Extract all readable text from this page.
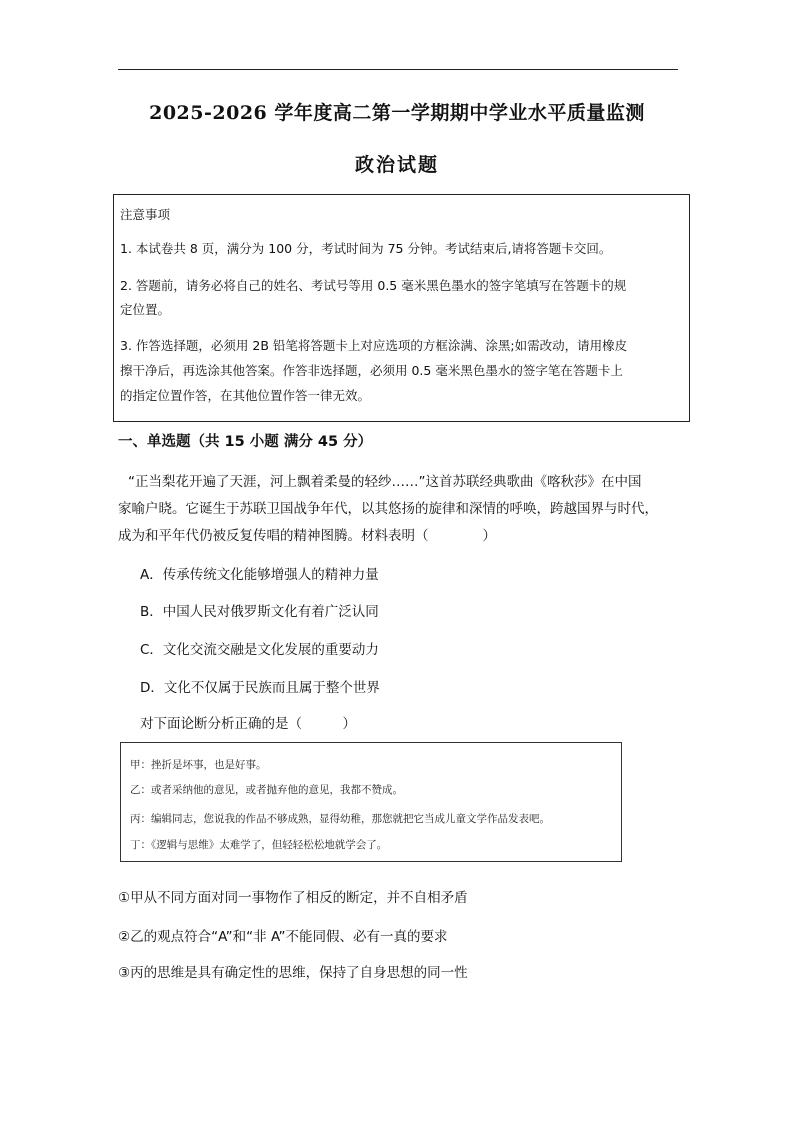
2025-2026 学年度高二第一学期期中学业水平质量监测
政治试题
注意事项
1. 本试卷共 8 页，满分为 100 分，考试时间为 75 分钟。考试结束后,请将答题卡交回。
2. 答题前，请务必将自己的姓名、考试号等用 0.5 毫米黑色墨水的签字笔填写在答题卡的规
定位置。
3. 作答选择题，必须用 2B 铅笔将答题卡上对应选项的方框涂满、涂黑;如需改动，请用橡皮
擦干净后，再选涂其他答案。作答非选择题，必须用 0.5 毫米黑色墨水的签字笔在答题卡上
的指定位置作答，在其他位置作答一律无效。
一、单选题（共 15 小题 满分 45 分）
“正当梨花开遍了天涯，河上飘着柔曼的轻纱……”这首苏联经典歌曲《喀秋莎》在中国
家喻户晓。它诞生于苏联卫国战争年代，以其悠扬的旋律和深情的呼唤，跨越国界与时代，
成为和平年代仍被反复传唱的精神图腾。材料表明（　　　　）
A．传承传统文化能够增强人的精神力量
B．中国人民对俄罗斯文化有着广泛认同
C．文化交流交融是文化发展的重要动力
D．文化不仅属于民族而且属于整个世界
对下面论断分析正确的是（　　　）
甲：挫折是坏事，也是好事。
乙：或者采纳他的意见，或者抛弃他的意见，我都不赞成。
丙：编辑同志，您说我的作品不够成熟，显得幼稚，那您就把它当成儿童文学作品发表吧。
丁：《逻辑与思维》太难学了，但轻轻松松地就学会了。
①甲从不同方面对同一事物作了相反的断定，并不自相矛盾
②乙的观点符合“A”和“非 A”不能同假、必有一真的要求
③丙的思维是具有确定性的思维，保持了自身思想的同一性
